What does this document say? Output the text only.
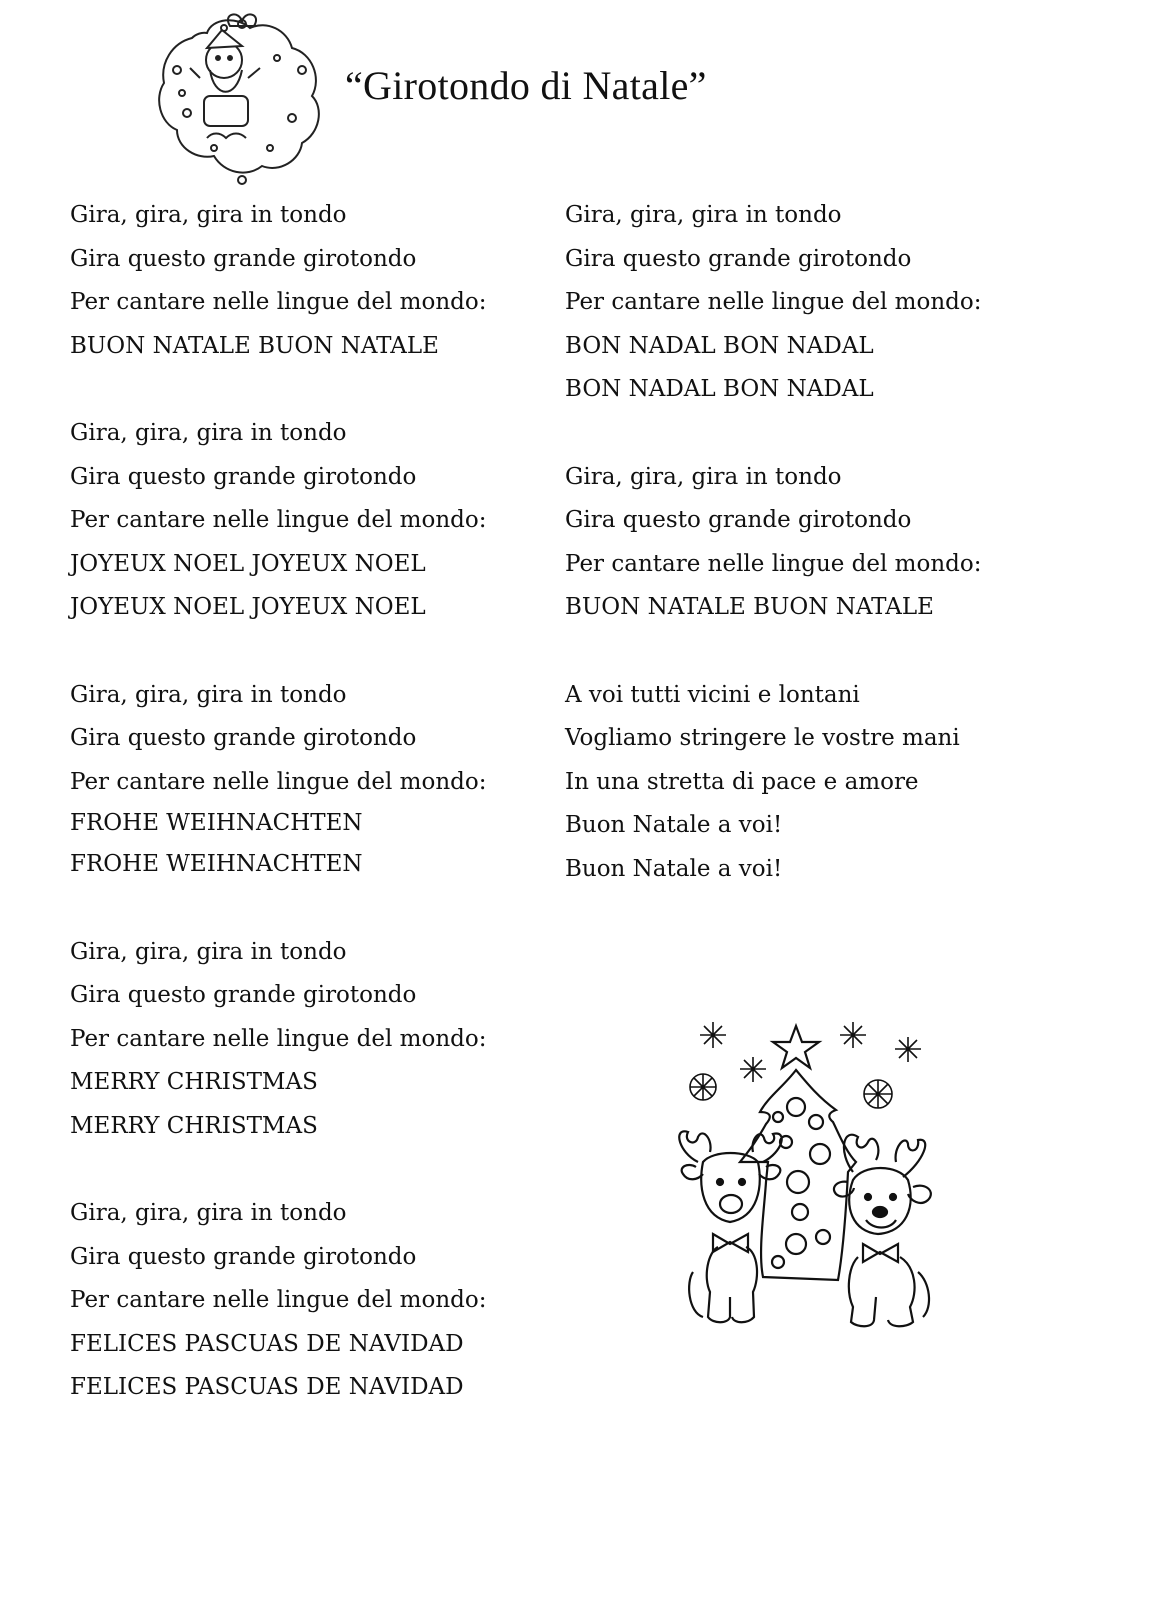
“Girotondo di Natale”
Gira, gira, gira in tondo
Gira questo grande girotondo
Per cantare nelle lingue del mondo:
BUON NATALE BUON NATALE
Gira, gira, gira in tondo
Gira questo grande girotondo
Per cantare nelle lingue del mondo:
JOYEUX NOEL JOYEUX NOEL
JOYEUX NOEL JOYEUX NOEL
Gira, gira, gira in tondo
Gira questo grande girotondo
Per cantare nelle lingue del mondo:
FROHE WEIHNACHTEN
FROHE WEIHNACHTEN
Gira, gira, gira in tondo
Gira questo grande girotondo
Per cantare nelle lingue del mondo:
MERRY CHRISTMAS
MERRY CHRISTMAS
Gira, gira, gira in tondo
Gira questo grande girotondo
Per cantare nelle lingue del mondo:
FELICES PASCUAS DE NAVIDAD
FELICES PASCUAS DE NAVIDAD
Gira, gira, gira in tondo
Gira questo grande girotondo
Per cantare nelle lingue del mondo:
BON NADAL BON NADAL
BON NADAL BON NADAL
Gira, gira, gira in tondo
Gira questo grande girotondo
Per cantare nelle lingue del mondo:
BUON NATALE BUON NATALE
A voi tutti vicini e lontani
Vogliamo stringere le vostre mani
In una stretta di pace e amore
Buon Natale a voi!
Buon Natale a voi!
